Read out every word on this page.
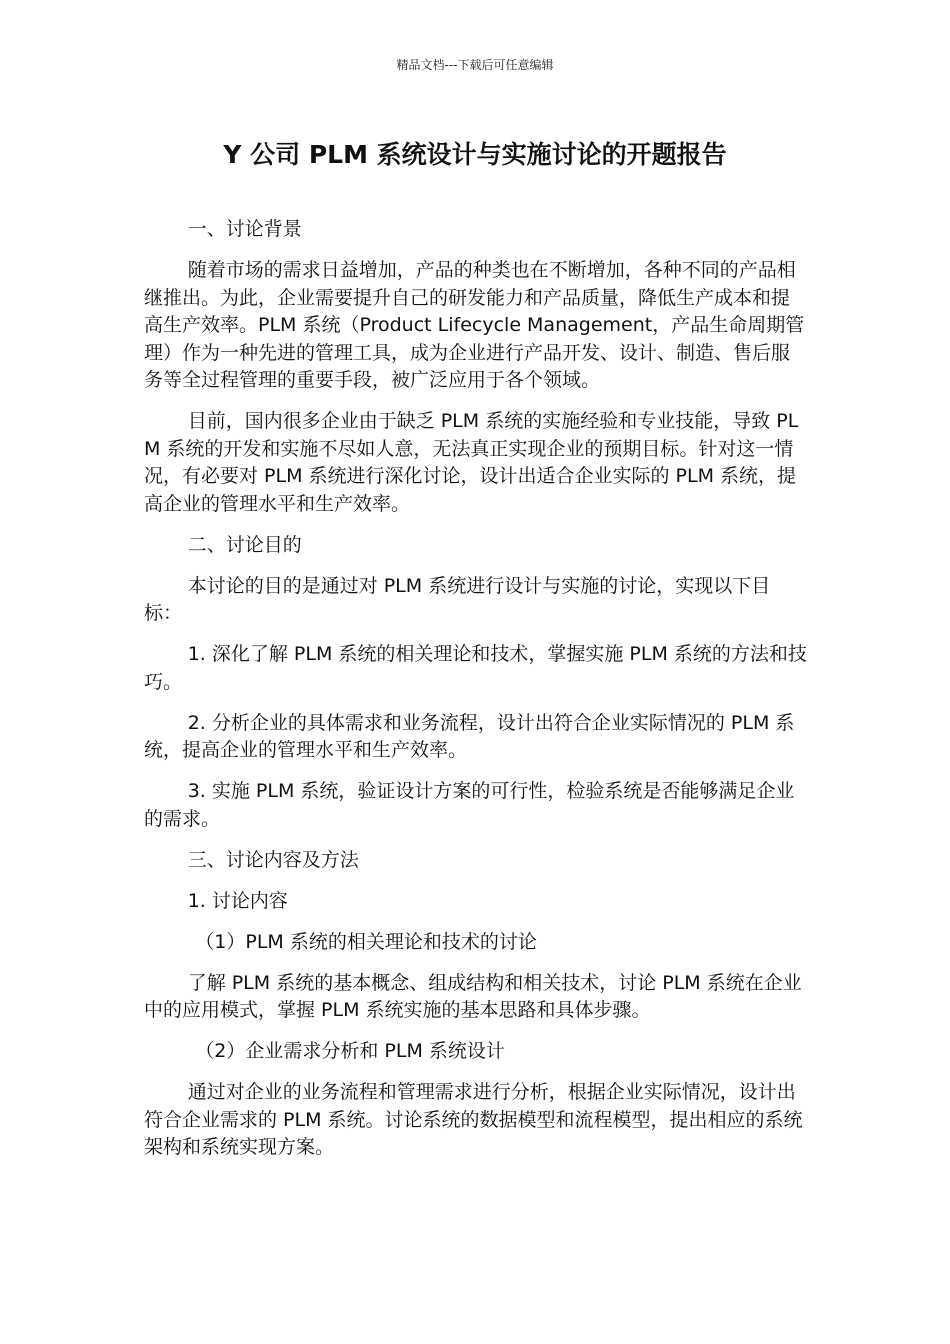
精品文档---下载后可任意编辑
Y 公司 PLM 系统设计与实施讨论的开题报告

一、讨论背景

随着市场的需求日益增加，产品的种类也在不断增加，各种不同的产品相继推出。为此，企业需要提升自己的研发能力和产品质量，降低生产成本和提高生产效率。PLM 系统（Product Lifecycle Management，产品生命周期管理）作为一种先进的管理工具，成为企业进行产品开发、设计、制造、售后服务等全过程管理的重要手段，被广泛应用于各个领域。

目前，国内很多企业由于缺乏 PLM 系统的实施经验和专业技能，导致 PLM 系统的开发和实施不尽如人意，无法真正实现企业的预期目标。针对这一情况，有必要对 PLM 系统进行深化讨论，设计出适合企业实际的 PLM 系统，提高企业的管理水平和生产效率。

二、讨论目的

本讨论的目的是通过对 PLM 系统进行设计与实施的讨论，实现以下目标：

1. 深化了解 PLM 系统的相关理论和技术，掌握实施 PLM 系统的方法和技巧。

2. 分析企业的具体需求和业务流程，设计出符合企业实际情况的 PLM 系统，提高企业的管理水平和生产效率。

3. 实施 PLM 系统，验证设计方案的可行性，检验系统是否能够满足企业的需求。

三、讨论内容及方法

1. 讨论内容

（1）PLM 系统的相关理论和技术的讨论

了解 PLM 系统的基本概念、组成结构和相关技术，讨论 PLM 系统在企业中的应用模式，掌握 PLM 系统实施的基本思路和具体步骤。

（2）企业需求分析和 PLM 系统设计

通过对企业的业务流程和管理需求进行分析，根据企业实际情况，设计出符合企业需求的 PLM 系统。讨论系统的数据模型和流程模型，提出相应的系统架构和系统实现方案。
